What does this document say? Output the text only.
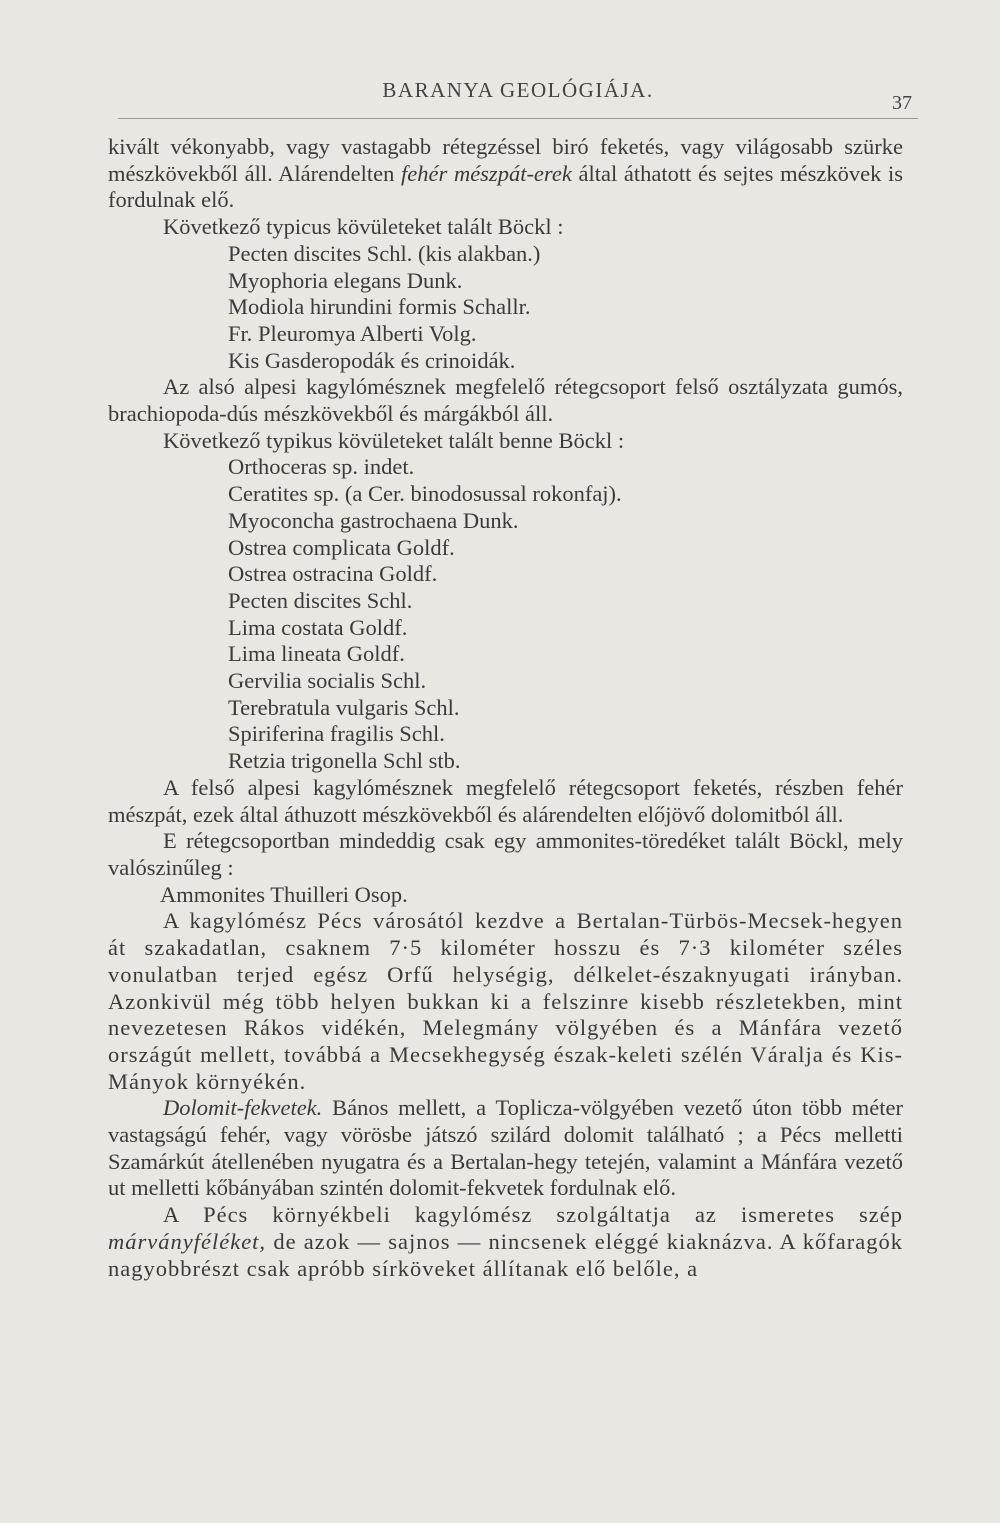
BARANYA GEOLÓGIÁJA.
37

kivált vékonyabb, vagy vastagabb rétegzéssel biró feketés, vagy világosabb szürke mészkövekből áll. Alárendelten fehér mészpát-erek által áthatott és sejtes mészkövek is fordulnak elő.

Következő typicus kövületeket talált Böckl :

Pecten discites Schl. (kis alakban.)

Myophoria elegans Dunk.

Modiola hirundini formis Schallr.

Fr. Pleuromya Alberti Volg.

Kis Gasderopodák és crinoidák.

Az alsó alpesi kagylómésznek megfelelő rétegcsoport felső osztályzata gumós, brachiopoda-dús mészkövekből és márgákból áll.

Következő typikus kövületeket talált benne Böckl :

Orthoceras sp. indet.

Ceratites sp. (a Cer. binodosussal rokonfaj).

Myoconcha gastrochaena Dunk.

Ostrea complicata Goldf.

Ostrea ostracina Goldf.

Pecten discites Schl.

Lima costata Goldf.

Lima lineata Goldf.

Gervilia socialis Schl.

Terebratula vulgaris Schl.

Spiriferina fragilis Schl.

Retzia trigonella Schl stb.

A felső alpesi kagylómésznek megfelelő rétegcsoport feketés, részben fehér mészpát, ezek által áthuzott mészkövekből és alárendelten előjövő dolomitból áll.

E rétegcsoportban mindeddig csak egy ammonites-töredéket talált Böckl, mely valószinűleg :

Ammonites Thuilleri Osop.

A kagylómész Pécs városától kezdve a Bertalan-Türbös-Mecsek-hegyen át szakadatlan, csaknem 7·5 kilométer hosszu és 7·3 kilométer széles vonulatban terjed egész Orfű helységig, délkelet-északnyugati irányban. Azonkivül még több helyen bukkan ki a felszinre kisebb részletekben, mint nevezetesen Rákos vidékén, Melegmány völgyében és a Mánfára vezető országút mellett, továbbá a Mecsekhegység észak-keleti szélén Váralja és Kis-Mányok környékén.

Dolomit-fekvetek. Bános mellett, a Toplicza-völgyében vezető úton több méter vastagságú fehér, vagy vörösbe játszó szilárd dolomit található ; a Pécs melletti Szamárkút átellenében nyugatra és a Bertalan-hegy tetején, valamint a Mánfára vezető ut melletti kőbányában szintén dolomit-fekvetek fordulnak elő.

A Pécs környékbeli kagylómész szolgáltatja az ismeretes szép márványféléket, de azok — sajnos — nincsenek eléggé kiaknázva. A kőfaragók nagyobbrészt csak apróbb sírköveket állítanak elő belőle, a
